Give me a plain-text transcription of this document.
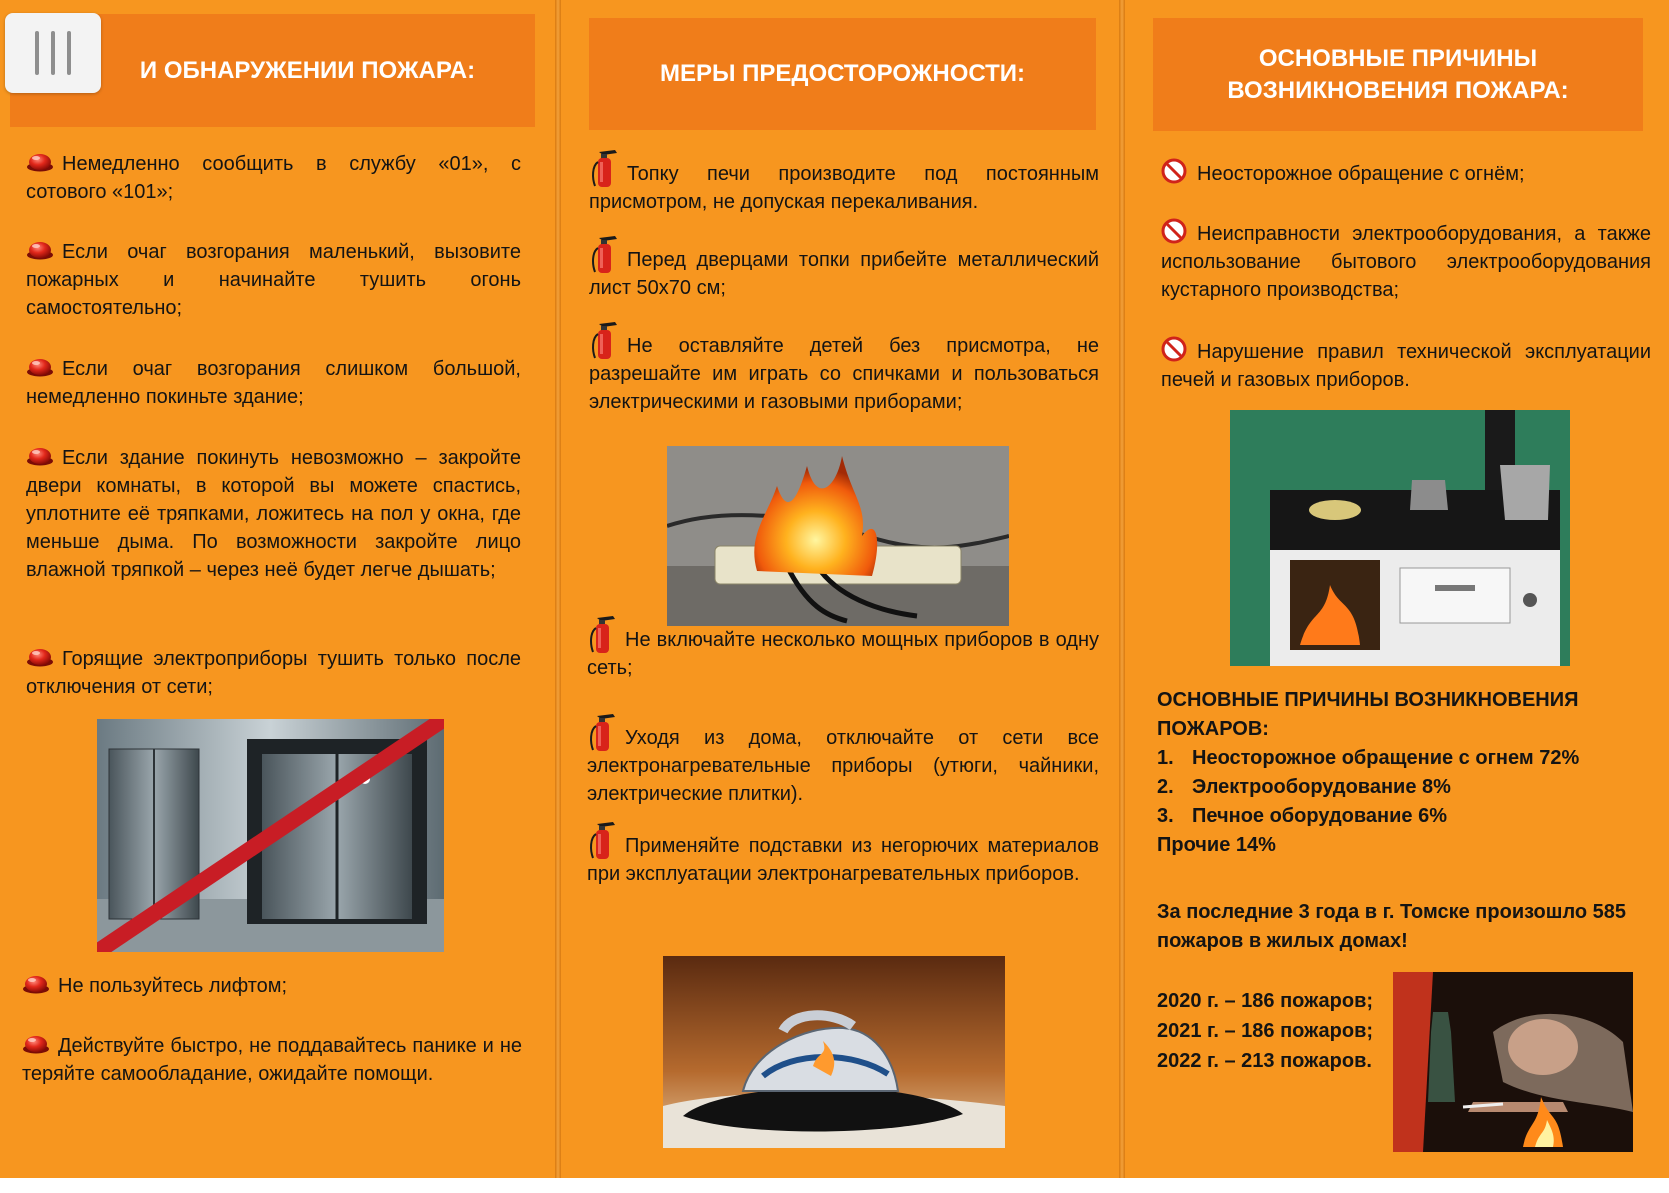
И ОБНАРУЖЕНИИ ПОЖАРА:
Немедленно сообщить в службу «01», с сотового «101»;
Если очаг возгорания маленький, вызовите пожарных и начинайте тушить огонь самостоятельно;
Если очаг возгорания слишком большой, немедленно покиньте здание;
Если здание покинуть невозможно – закройте двери комнаты, в которой вы можете спастись, уплотните её тряпками, ложитесь на пол у окна, где меньше дыма. По возможности закройте лицо влажной тряпкой – через неё будет легче дышать;
Горящие электроприборы тушить только после отключения от сети;
Не пользуйтесь лифтом;
Действуйте быстро, не поддавайтесь панике и не теряйте самообладание, ожидайте помощи.
МЕРЫ ПРЕДОСТОРОЖНОСТИ:
Топку печи производите под постоянным присмотром, не допуская перекаливания.
Перед дверцами топки прибейте металлический лист 50х70 см;
Не оставляйте детей без присмотра, не разрешайте им играть со спичками и пользоваться электрическими и газовыми приборами;
Не включайте несколько мощных приборов в одну сеть;
Уходя из дома, отключайте от сети все электронагревательные приборы (утюги, чайники, электрические плитки).
Применяйте подставки из негорючих материалов при эксплуатации электронагревательных приборов.
ОСНОВНЫЕ ПРИЧИНЫ
ВОЗНИКНОВЕНИЯ ПОЖАРА:
Неосторожное обращение с огнём;
Неисправности электрооборудования, а также использование бытового электрооборудования кустарного производства;
Нарушение правил технической эксплуатации печей и газовых приборов.
ОСНОВНЫЕ ПРИЧИНЫ ВОЗНИКНОВЕНИЯ ПОЖАРОВ:
1. Неосторожное обращение с огнем 72%
2. Электрооборудование 8%
3. Печное оборудование 6%
Прочие 14%
За последние 3 года в г. Томске произошло 585 пожаров в жилых домах!
2020 г. – 186 пожаров;
2021 г. – 186 пожаров;
2022 г. – 213 пожаров.
